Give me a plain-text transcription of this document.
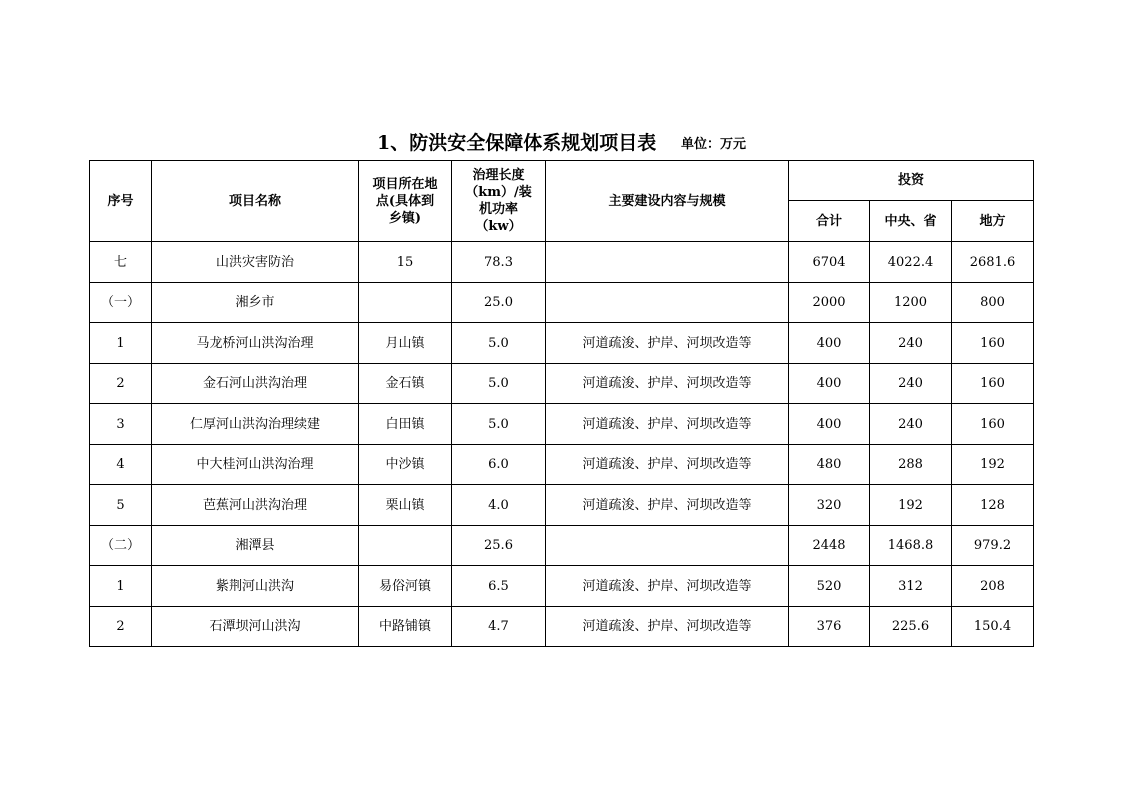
1、防洪安全保障体系规划项目表 单位：万元
序号	项目名称	项目所在地点(具体到乡镇)	治理长度（km）/装机功率（kw）	主要建设内容与规模	投资		
					合计	中央、省	地方
七	山洪灾害防治	15	78.3		6704	4022.4	2681.6
（一）	湘乡市		25.0		2000	1200	800
1	马龙桥河山洪沟治理	月山镇	5.0	河道疏浚、护岸、河坝改造等	400	240	160
2	金石河山洪沟治理	金石镇	5.0	河道疏浚、护岸、河坝改造等	400	240	160
3	仁厚河山洪沟治理续建	白田镇	5.0	河道疏浚、护岸、河坝改造等	400	240	160
4	中大桂河山洪沟治理	中沙镇	6.0	河道疏浚、护岸、河坝改造等	480	288	192
5	芭蕉河山洪沟治理	栗山镇	4.0	河道疏浚、护岸、河坝改造等	320	192	128
（二）	湘潭县		25.6		2448	1468.8	979.2
1	紫荆河山洪沟	易俗河镇	6.5	河道疏浚、护岸、河坝改造等	520	312	208
2	石潭坝河山洪沟	中路铺镇	4.7	河道疏浚、护岸、河坝改造等	376	225.6	150.4
